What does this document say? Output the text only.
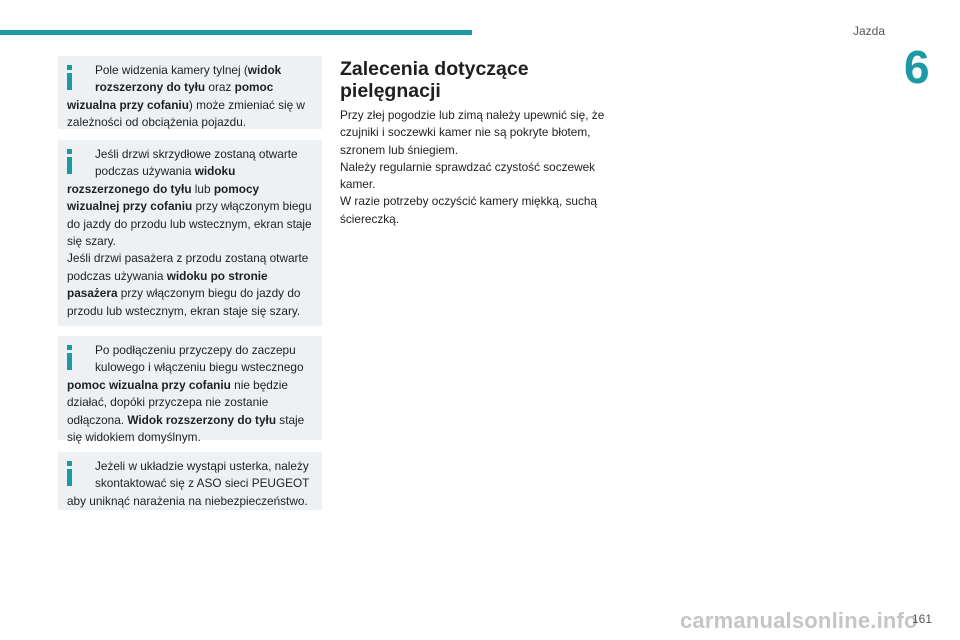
Jazda
6
Pole widzenia kamery tylnej (widok rozszerzony do tyłu oraz pomoc wizualna przy cofaniu) może zmieniać się w zależności od obciążenia pojazdu.
Jeśli drzwi skrzydłowe zostaną otwarte podczas używania widoku rozszerzonego do tyłu lub pomocy wizualnej przy cofaniu przy włączonym biegu do jazdy do przodu lub wstecznym, ekran staje się szary.
Jeśli drzwi pasażera z przodu zostaną otwarte podczas używania widoku po stronie pasażera przy włączonym biegu do jazdy do przodu lub wstecznym, ekran staje się szary.
Po podłączeniu przyczepy do zaczepu kulowego i włączeniu biegu wstecznego pomoc wizualna przy cofaniu nie będzie działać, dopóki przyczepa nie zostanie odłączona. Widok rozszerzony do tyłu staje się widokiem domyślnym.
Jeżeli w układzie wystąpi usterka, należy skontaktować się z ASO sieci PEUGEOT aby uniknąć narażenia na niebezpieczeństwo.
Zalecenia dotyczące pielęgnacji

Przy złej pogodzie lub zimą należy upewnić się, że czujniki i soczewki kamer nie są pokryte błotem, szronem lub śniegiem.

Należy regularnie sprawdzać czystość soczewek kamer.

W razie potrzeby oczyścić kamery miękką, suchą ściereczką.

carmanualsonline.info
161
